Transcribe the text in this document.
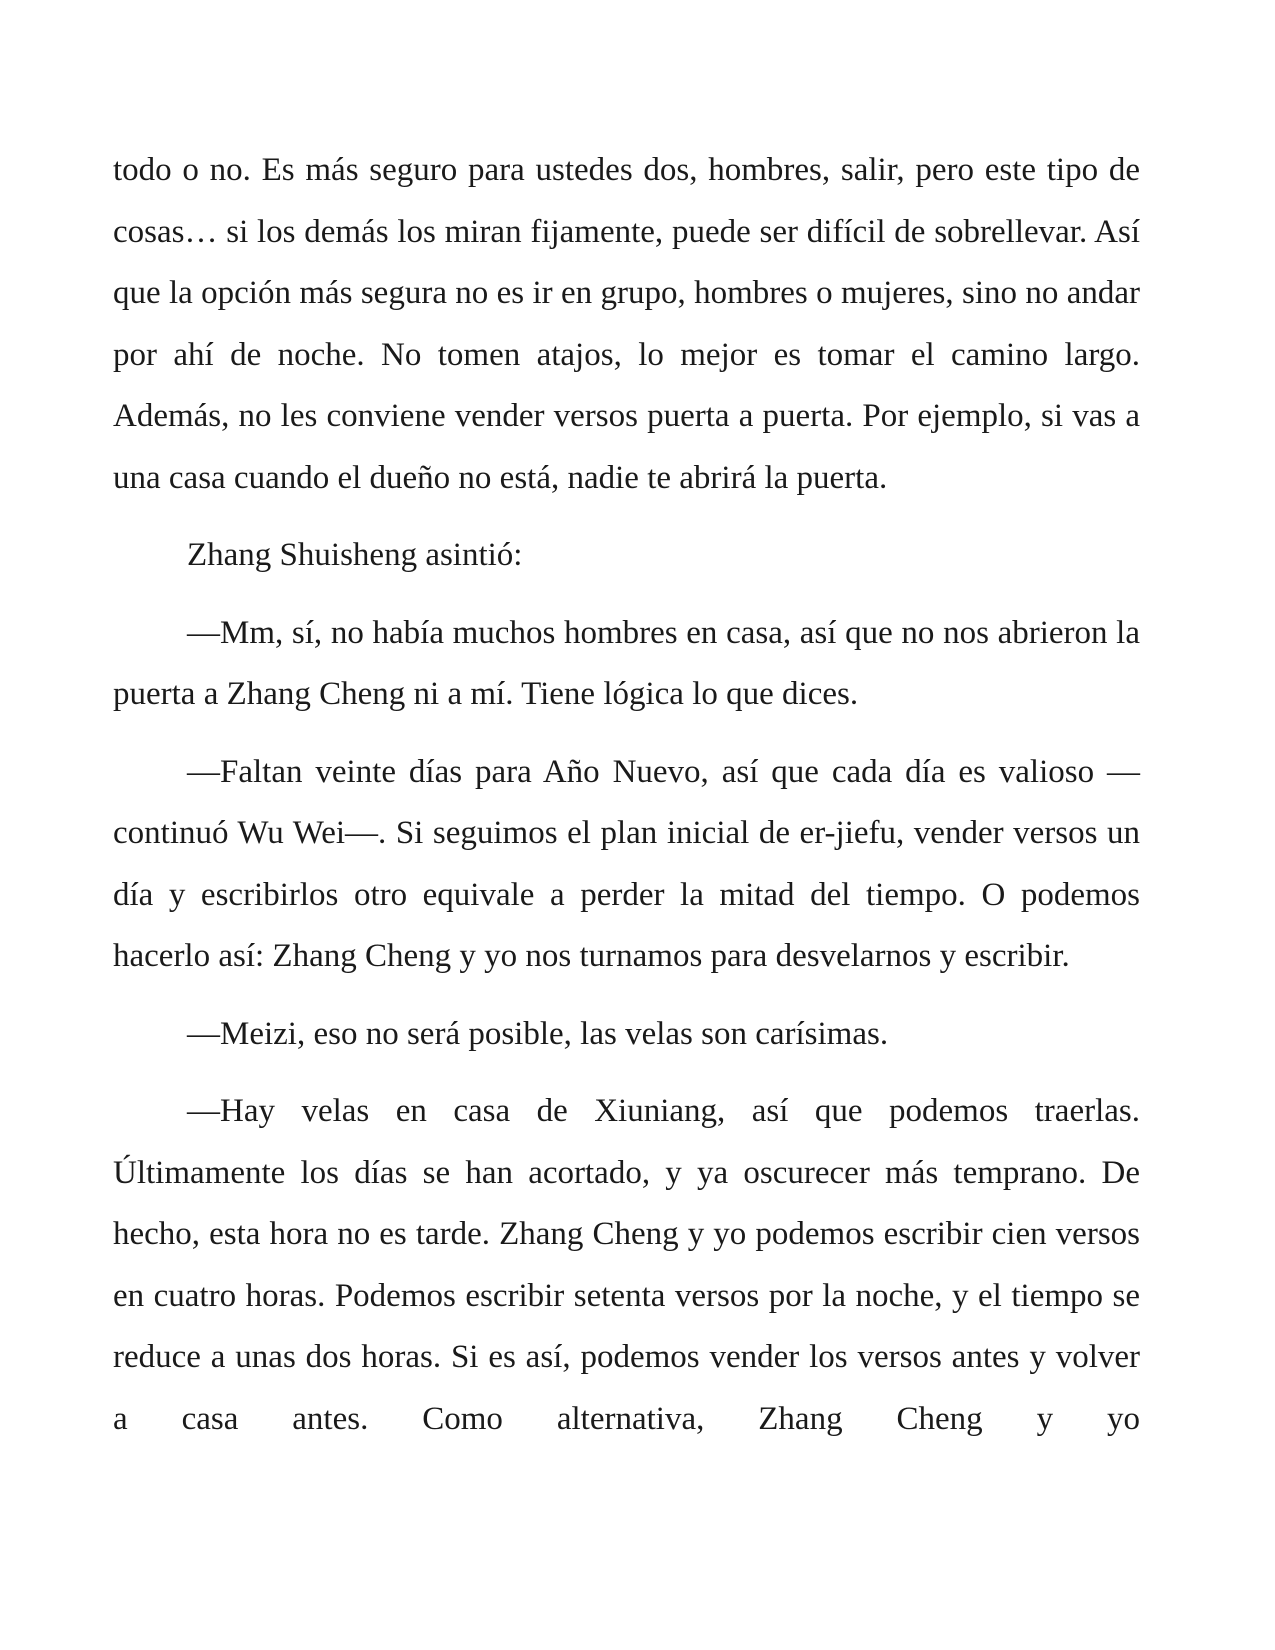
todo o no. Es más seguro para ustedes dos, hombres, salir, pero este tipo de cosas… si los demás los miran fijamente, puede ser difícil de sobrellevar. Así que la opción más segura no es ir en grupo, hombres o mujeres, sino no andar por ahí de noche. No tomen atajos, lo mejor es tomar el camino largo. Además, no les conviene vender versos puerta a puerta. Por ejemplo, si vas a una casa cuando el dueño no está, nadie te abrirá la puerta.

Zhang Shuisheng asintió:

—Mm, sí, no había muchos hombres en casa, así que no nos abrieron la puerta a Zhang Cheng ni a mí. Tiene lógica lo que dices.

—Faltan veinte días para Año Nuevo, así que cada día es valioso —continuó Wu Wei—. Si seguimos el plan inicial de er-jiefu, vender versos un día y escribirlos otro equivale a perder la mitad del tiempo. O podemos hacerlo así: Zhang Cheng y yo nos turnamos para desvelarnos y escribir.

—Meizi, eso no será posible, las velas son carísimas.

—Hay velas en casa de Xiuniang, así que podemos traerlas. Últimamente los días se han acortado, y ya oscurecer más temprano. De hecho, esta hora no es tarde. Zhang Cheng y yo podemos escribir cien versos en cuatro horas. Podemos escribir setenta versos por la noche, y el tiempo se reduce a unas dos horas. Si es así, podemos vender los versos antes y volver a casa antes. Como alternativa, Zhang Cheng y yo
